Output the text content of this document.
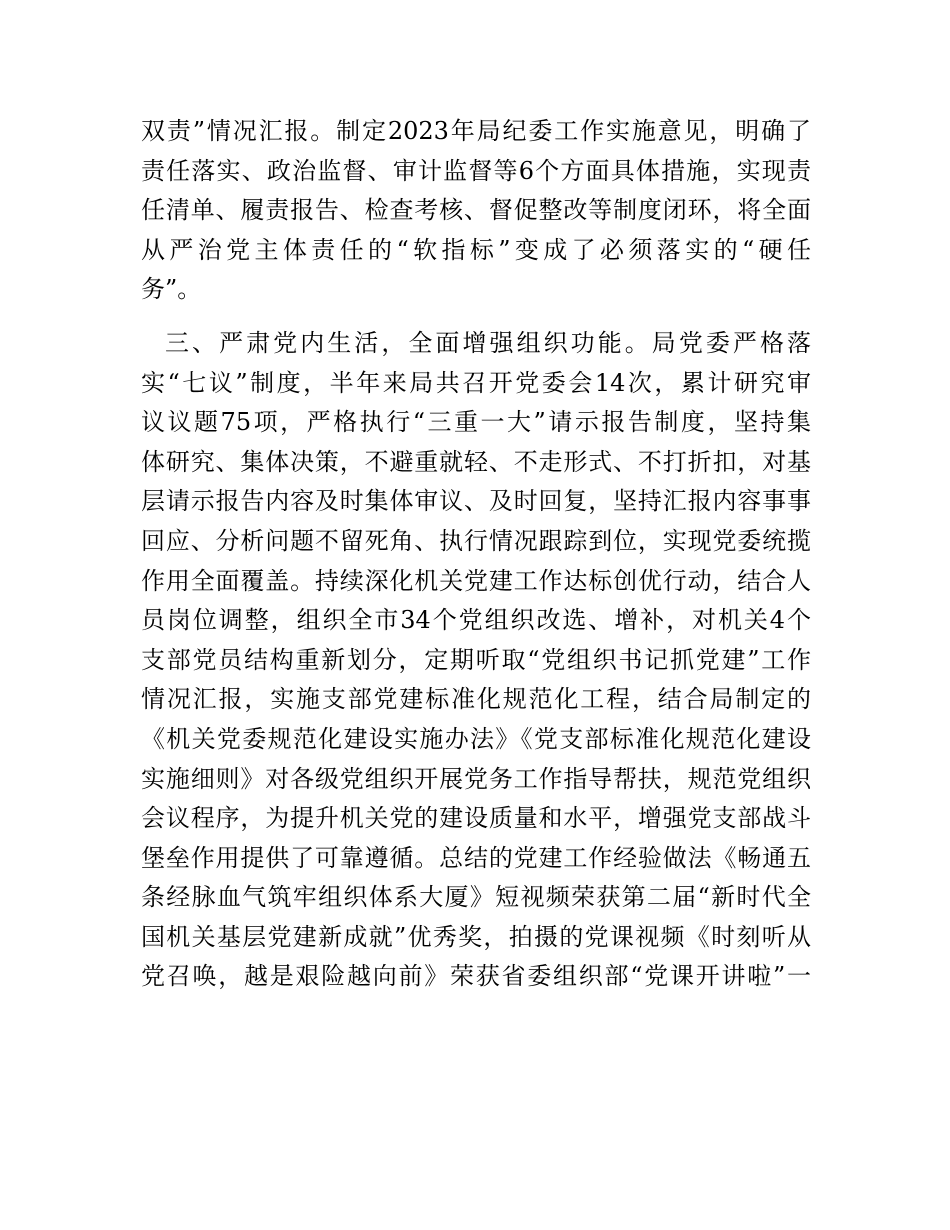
双责”情况汇报。制定2023年局纪委工作实施意见，明确了
责任落实、政治监督、审计监督等6个方面具体措施，实现责
任清单、履责报告、检查考核、督促整改等制度闭环，将全面
从严治党主体责任的“软指标”变成了必须落实的“硬任
务”。
三、严肃党内生活，全面增强组织功能。局党委严格落
实“七议”制度，半年来局共召开党委会14次，累计研究审
议议题75项，严格执行“三重一大”请示报告制度，坚持集
体研究、集体决策，不避重就轻、不走形式、不打折扣，对基
层请示报告内容及时集体审议、及时回复，坚持汇报内容事事
回应、分析问题不留死角、执行情况跟踪到位，实现党委统揽
作用全面覆盖。持续深化机关党建工作达标创优行动，结合人
员岗位调整，组织全市34个党组织改选、增补，对机关4个
支部党员结构重新划分，定期听取“党组织书记抓党建”工作
情况汇报，实施支部党建标准化规范化工程，结合局制定的
《机关党委规范化建设实施办法》《党支部标准化规范化建设
实施细则》对各级党组织开展党务工作指导帮扶，规范党组织
会议程序，为提升机关党的建设质量和水平，增强党支部战斗
堡垒作用提供了可靠遵循。总结的党建工作经验做法《畅通五
条经脉血气筑牢组织体系大厦》短视频荣获第二届“新时代全
国机关基层党建新成就”优秀奖，拍摄的党课视频《时刻听从
党召唤，越是艰险越向前》荣获省委组织部“党课开讲啦”一
